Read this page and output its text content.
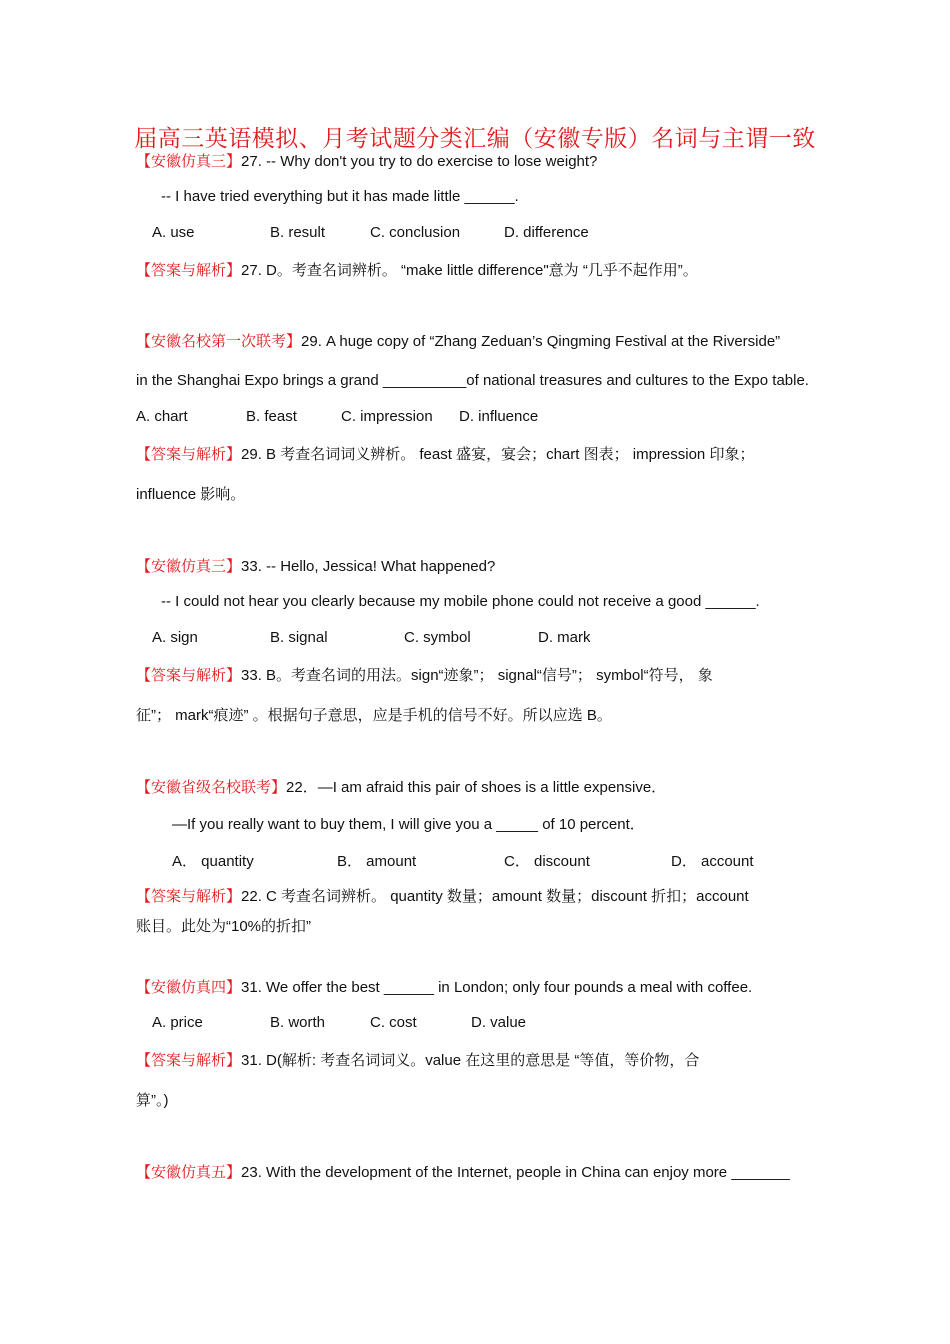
届高三英语模拟、月考试题分类汇编（安徽专版）名词与主谓一致
【安徽仿真三】27. -- Why don't you try to do exercise to lose weight?
-- I have tried everything but it has made little ______.
A. use	B. result	C. conclusion	D. difference
【答案与解析】27. D。考查名词辨析。 “make little difference"意为 “几乎不起作用”。
【安徽名校第一次联考】29. A huge copy of “Zhang Zeduan’s Qingming Festival at the Riverside”
in the Shanghai Expo brings a grand __________of national treasures and cultures to the Expo table.
A. chart	B. feast	C. impression D. influence
【答案与解析】29. B 考查名词词义辨析。 feast 盛宴，宴会；chart 图表； impression 印象；
influence 影响。
【安徽仿真三】33. -- Hello, Jessica! What happened?
-- I could not hear you clearly because my mobile phone could not receive a good ______.
A. sign	B. signal	C. symbol	D. mark
【答案与解析】33. B。考查名词的用法。sign“迹象”； signal“信号”； symbol“符号， 象
征”； mark“痕迹” 。根据句子意思，应是手机的信号不好。所以应选 B。
【安徽省级名校联考】22．—I am afraid this pair of shoes is a little expensive．
—If you really want to buy them, I will give you a _____ of 10 percent．
A． quantity	B． amount	C． discount	D． account
【答案与解析】22. C 考查名词辨析。 quantity 数量；amount 数量；discount 折扣；account
账目。此处为“10%的折扣”
【安徽仿真四】31. We offer the best ______ in London; only four pounds a meal with coffee.
A. price	B. worth	C. cost	D. value
【答案与解析】31. D(解析: 考查名词词义。value 在这里的意思是 “等值，等价物，合
算”。)
【安徽仿真五】23. With the development of the Internet, people in China can enjoy more _______
